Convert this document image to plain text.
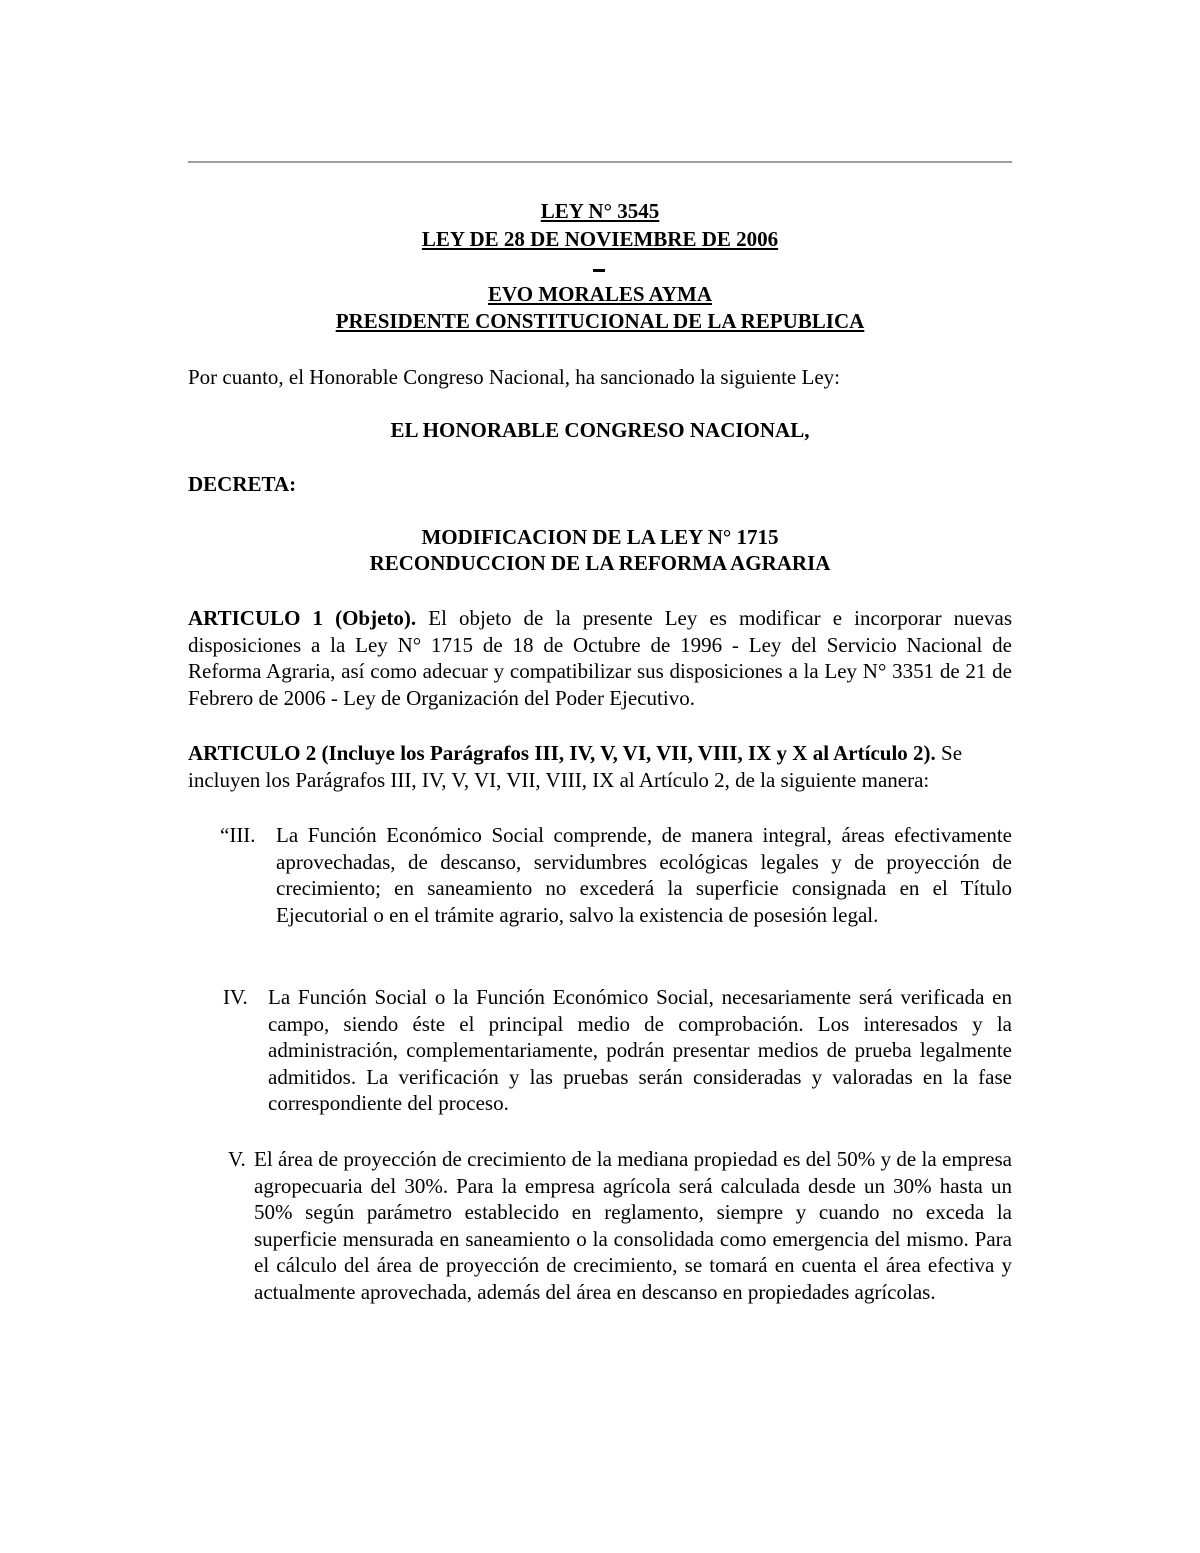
LEY N° 3545
LEY DE 28 DE NOVIEMBRE DE 2006
EVO MORALES AYMA
PRESIDENTE CONSTITUCIONAL DE LA REPUBLICA
Por cuanto, el Honorable Congreso Nacional, ha sancionado la siguiente Ley:
EL HONORABLE CONGRESO NACIONAL,
DECRETA:
MODIFICACION DE LA LEY N° 1715
RECONDUCCION DE LA REFORMA AGRARIA
ARTICULO 1 (Objeto). El objeto de la presente Ley es modificar e incorporar nuevas disposiciones a la Ley N° 1715 de 18 de Octubre de 1996 - Ley del Servicio Nacional de Reforma Agraria, así como adecuar y compatibilizar sus disposiciones a la Ley N° 3351 de 21 de Febrero de 2006 - Ley de Organización del Poder Ejecutivo.
ARTICULO 2 (Incluye los Parágrafos III, IV, V, VI, VII, VIII, IX y X al Artículo 2). Se incluyen los Parágrafos III, IV, V, VI, VII, VIII, IX al Artículo 2, de la siguiente manera:
“III. La Función Económico Social comprende, de manera integral, áreas efectivamente aprovechadas, de descanso, servidumbres ecológicas legales y de proyección de crecimiento; en saneamiento no excederá la superficie consignada en el Título Ejecutorial o en el trámite agrario, salvo la existencia de posesión legal.
IV. La Función Social o la Función Económico Social, necesariamente será verificada en campo, siendo éste el principal medio de comprobación. Los interesados y la administración, complementariamente, podrán presentar medios de prueba legalmente admitidos. La verificación y las pruebas serán consideradas y valoradas en la fase correspondiente del proceso.
V. El área de proyección de crecimiento de la mediana propiedad es del 50% y de la empresa agropecuaria del 30%. Para la empresa agrícola será calculada desde un 30% hasta un 50% según parámetro establecido en reglamento, siempre y cuando no exceda la superficie mensurada en saneamiento o la consolidada como emergencia del mismo. Para el cálculo del área de proyección de crecimiento, se tomará en cuenta el área efectiva y actualmente aprovechada, además del área en descanso en propiedades agrícolas.
